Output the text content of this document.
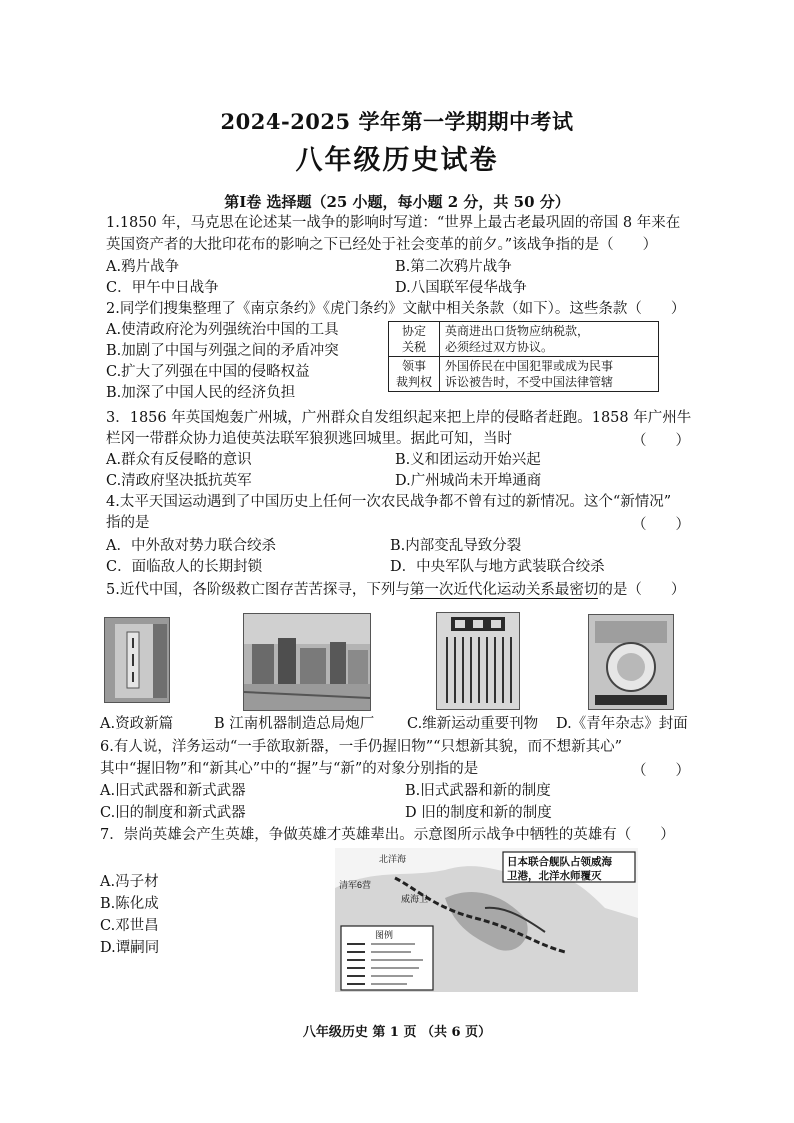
2024-2025 学年第一学期期中考试
八年级历史试卷
第Ⅰ卷 选择题（25 小题，每小题 2 分，共 50 分）
1.1850 年，马克思在论述某一战争的影响时写道：“世界上最古老最巩固的帝国 8 年来在
英国资产者的大批印花布的影响之下已经处于社会变革的前夕。”该战争指的是（　　）
A.鸦片战争	B.第二次鸦片战争
C．甲午中日战争	D.八国联军侵华战争
2.同学们搜集整理了《南京条约》《虎门条约》文献中相关条款（如下）。这些条款（　　）
A.使清政府沦为列强统治中国的工具
B.加剧了中国与列强之间的矛盾冲突
C.扩大了列强在中国的侵略权益
B.加深了中国人民的经济负担
协定
关税	英商进出口货物应纳税款，
必须经过双方协议。
领事
裁判权	外国侨民在中国犯罪或成为民事
诉讼被告时，不受中国法律管辖
3．1856 年英国炮轰广州城，广州群众自发组织起来把上岸的侵略者赶跑。1858 年广州牛
栏冈一带群众协力追使英法联军狼狈逃回城里。据此可知，当时	（　　）
A.群众有反侵略的意识	B.义和团运动开始兴起
C.清政府坚决抵抗英军	D.广州城尚未开埠通商
4.太平天国运动遇到了中国历史上任何一次农民战争都不曾有过的新情况。这个“新情况”
指的是	（　　）
A．中外敌对势力联合绞杀	B.内部变乱导致分裂
C．面临敌人的长期封锁	D．中央军队与地方武装联合绞杀
5.近代中国，各阶级救亡图存苦苦探寻，下列与第一次近代化运动关系最密切的是（　　）
A.资政新篇	B 江南机器制造总局炮厂 C.维新运动重要刊物 D.《青年杂志》封面
6.有人说，洋务运动“一手欲取新器，一手仍握旧物”“只想新其貌，而不想新其心”
其中“握旧物”和“新其心”中的“握”与“新”的对象分别指的是	（　　）
A.旧式武器和新式武器	B.旧式武器和新的制度
C.旧的制度和新式武器	D 旧的制度和新的制度
7．崇尚英雄会产生英雄，争做英雄才英雄辈出。示意图所示战争中牺牲的英雄有（　　）
A.冯子材
B.陈化成
C.邓世昌
D.谭嗣同
日本联合舰队占领威海
卫港，北洋水师覆灭
图例
北洋海
清军6营
威海卫
八年级历史 第 1 页 （共 6 页）
